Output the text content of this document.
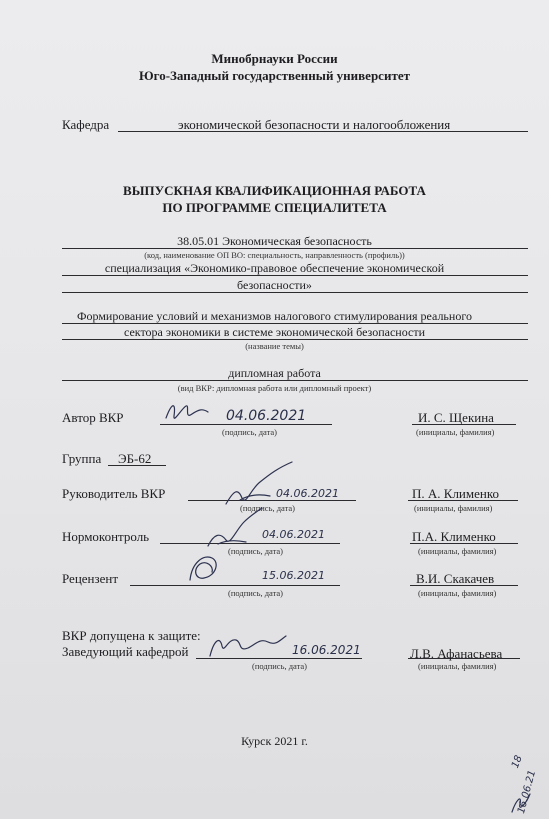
Минобрнауки России
Юго-Западный государственный университет
Кафедра	экономической безопасности и налогообложения
ВЫПУСКНАЯ КВАЛИФИКАЦИОННАЯ РАБОТА
ПО ПРОГРАММЕ СПЕЦИАЛИТЕТА
38.05.01 Экономическая безопасность
(код, наименование ОП ВО: специальность, направленность (профиль))
специализация «Экономико-правовое обеспечение экономической
безопасности»
Формирование условий и механизмов налогового стимулирования реального
сектора экономики в системе экономической безопасности
(название темы)
дипломная работа
(вид ВКР: дипломная работа или дипломный проект)
Автор ВКР	04.06.2021
(подпись, дата)
И. С. Щекина
(инициалы, фамилия)
Группа ЭБ-62
Руководитель ВКР	04.06.2021
(подпись, дата)
П. А. Клименко
(инициалы, фамилия)
Нормоконтроль	04.06.2021
(подпись, дата)
П.А. Клименко
(инициалы, фамилия)
Рецензент	15.06.2021
(подпись, дата)
В.И. Скакачев
(инициалы, фамилия)
ВКР допущена к защите:
Заведующий кафедрой	16.06.2021
(подпись, дата)
Л.В. Афанасьева
(инициалы, фамилия)
Курск 2021 г.
18
16.06.21
